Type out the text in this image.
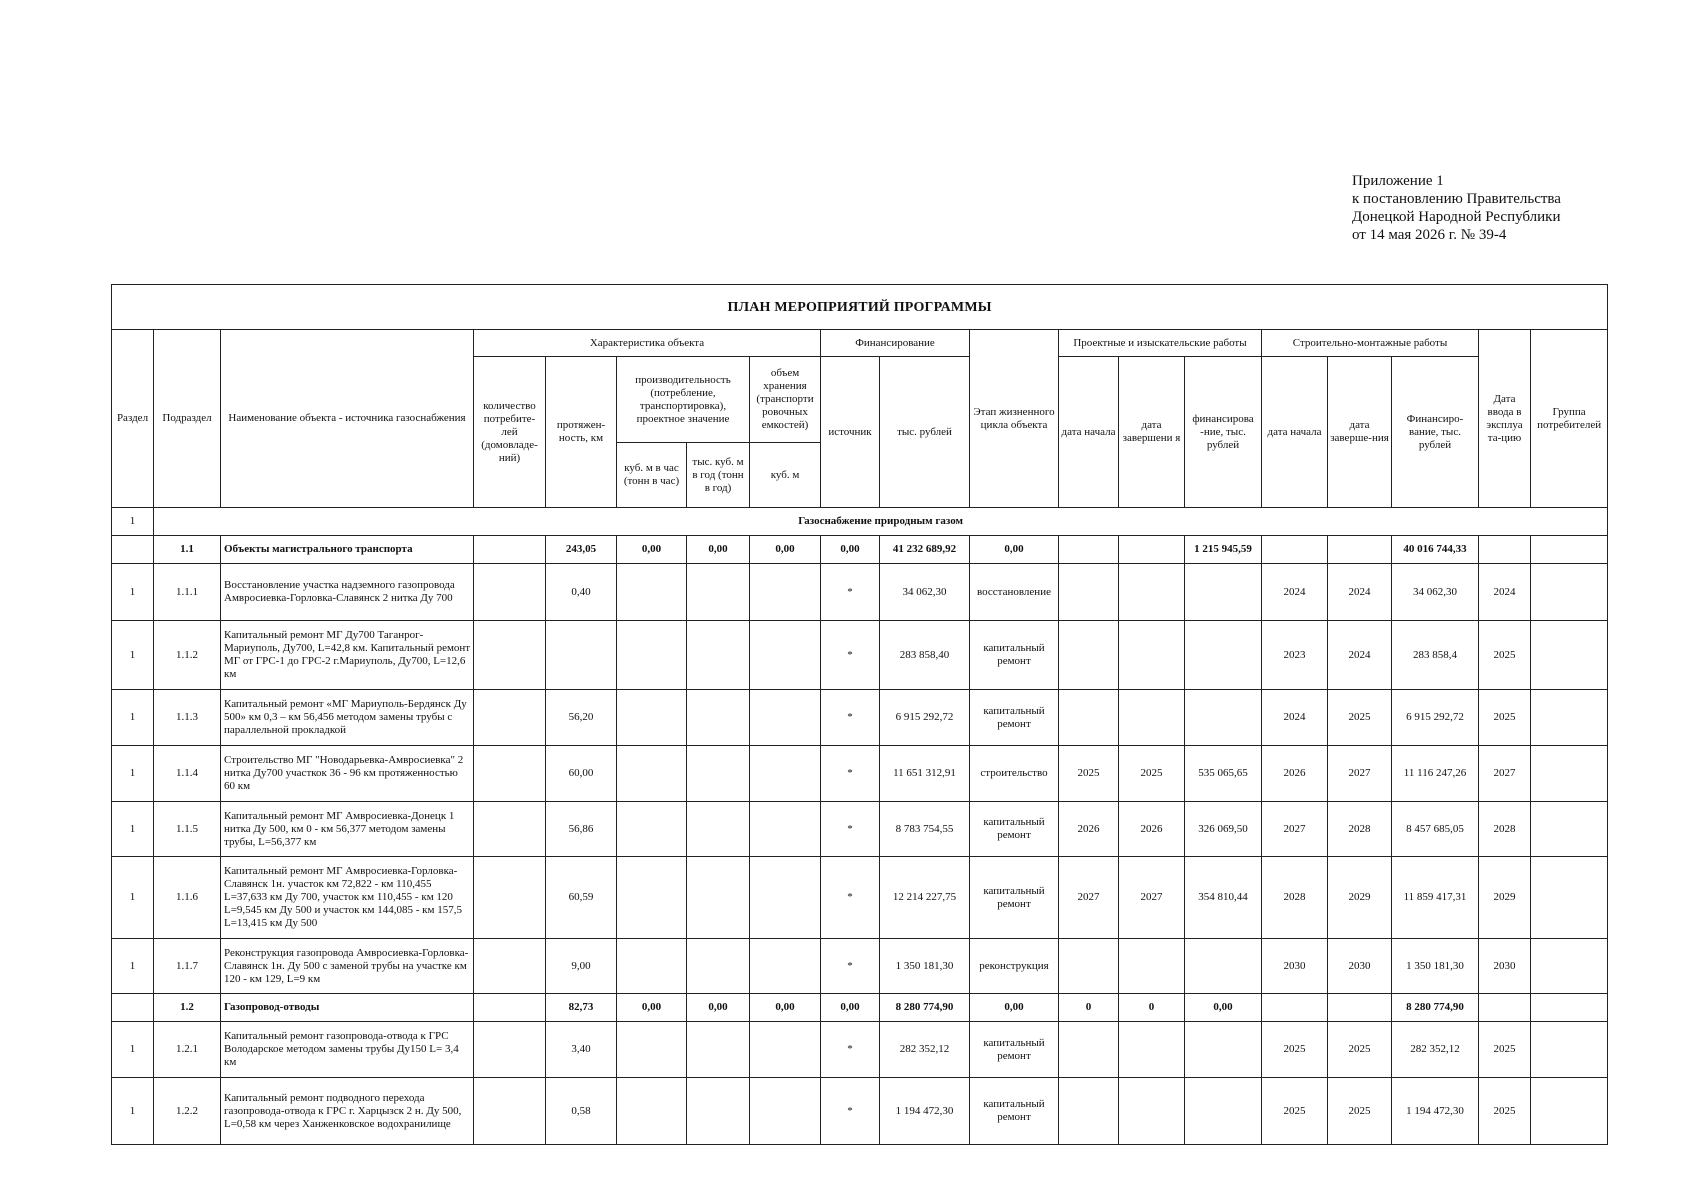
Приложение 1
к постановлению Правительства
Донецкой Народной Республики
от 14 мая 2026 г. № 39-4
ПЛАН МЕРОПРИЯТИЙ ПРОГРАММЫ																		
Раздел	Подраздел	Наименование объекта - источника газоснабжения	Характеристика объекта					Финансирование		Этап жизненного цикла объекта	Проектные и изыскательские работы			Строительно-монтажные работы			Дата ввода в эксплуа та-цию	Группа потребителей
			количество потребите-лей (домовладе-ний)	протяжен-ность, км	производительность (потребление, транспортировка), проектное значение		объем хранения (транспорти ровочных емкостей)	источник	тыс. рублей		дата начала	дата завершени я	финансирова -ние, тыс. рублей	дата начала	дата заверше-ния	Финансиро-вание, тыс. рублей		
					куб. м в час (тонн в час)	тыс. куб. м в год (тонн в год)	куб. м											
1	Газоснабжение природным газом																	
	1.1	Объекты магистрального транспорта		243,05	0,00	0,00	0,00	0,00	41 232 689,92	0,00			1 215 945,59			40 016 744,33		
1	1.1.1	Восстановление участка надземного газопровода Амвросиевка-Горловка-Славянск 2 нитка Ду 700		0,40				*	34 062,30	восстановление				2024	2024	34 062,30	2024	
1	1.1.2	Капитальный ремонт МГ Ду700 Таганрог-Мариуполь, Ду700, L=42,8 км. Капитальный ремонт МГ от ГРС-1 до ГРС-2 г.Мариуполь, Ду700, L=12,6 км						*	283 858,40	капитальный ремонт				2023	2024	283 858,4	2025	
1	1.1.3	Капитальный ремонт «МГ Мариуполь-Бердянск Ду 500» км 0,3 – км 56,456 методом замены трубы с параллельной прокладкой		56,20				*	6 915 292,72	капитальный ремонт				2024	2025	6 915 292,72	2025	
1	1.1.4	Строительство МГ "Новодарьевка-Амвросиевка" 2 нитка Ду700 участкок 36 - 96 км протяженностью 60 км		60,00				*	11 651 312,91	строительство	2025	2025	535 065,65	2026	2027	11 116 247,26	2027	
1	1.1.5	Капитальный ремонт МГ Амвросиевка-Донецк 1 нитка Ду 500, км 0 - км 56,377 методом замены трубы, L=56,377 км		56,86				*	8 783 754,55	капитальный ремонт	2026	2026	326 069,50	2027	2028	8 457 685,05	2028	
1	1.1.6	Капитальный ремонт МГ Амвросиевка-Горловка-Славянск 1н. участок км 72,822 - км 110,455 L=37,633 км Ду 700, участок км 110,455 - км 120 L=9,545 км Ду 500 и участок км 144,085 - км 157,5 L=13,415 км Ду 500		60,59				*	12 214 227,75	капитальный ремонт	2027	2027	354 810,44	2028	2029	11 859 417,31	2029	
1	1.1.7	Реконструкция газопровода Амвросиевка-Горловка-Славянск 1н. Ду 500 с заменой трубы на участке км 120 - км 129, L=9 км		9,00				*	1 350 181,30	реконструкция				2030	2030	1 350 181,30	2030	
	1.2	Газопровод-отводы		82,73	0,00	0,00	0,00	0,00	8 280 774,90	0,00	0	0	0,00			8 280 774,90		
1	1.2.1	Капитальный ремонт газопровода-отвода к ГРС Володарское методом замены трубы Ду150 L= 3,4 км		3,40				*	282 352,12	капитальный ремонт				2025	2025	282 352,12	2025	
1	1.2.2	Капитальный ремонт подводного перехода газопровода-отвода к ГРС г. Харцызск 2 н. Ду 500, L=0,58 км через Ханженковское водохранилище		0,58				*	1 194 472,30	капитальный ремонт				2025	2025	1 194 472,30	2025	
